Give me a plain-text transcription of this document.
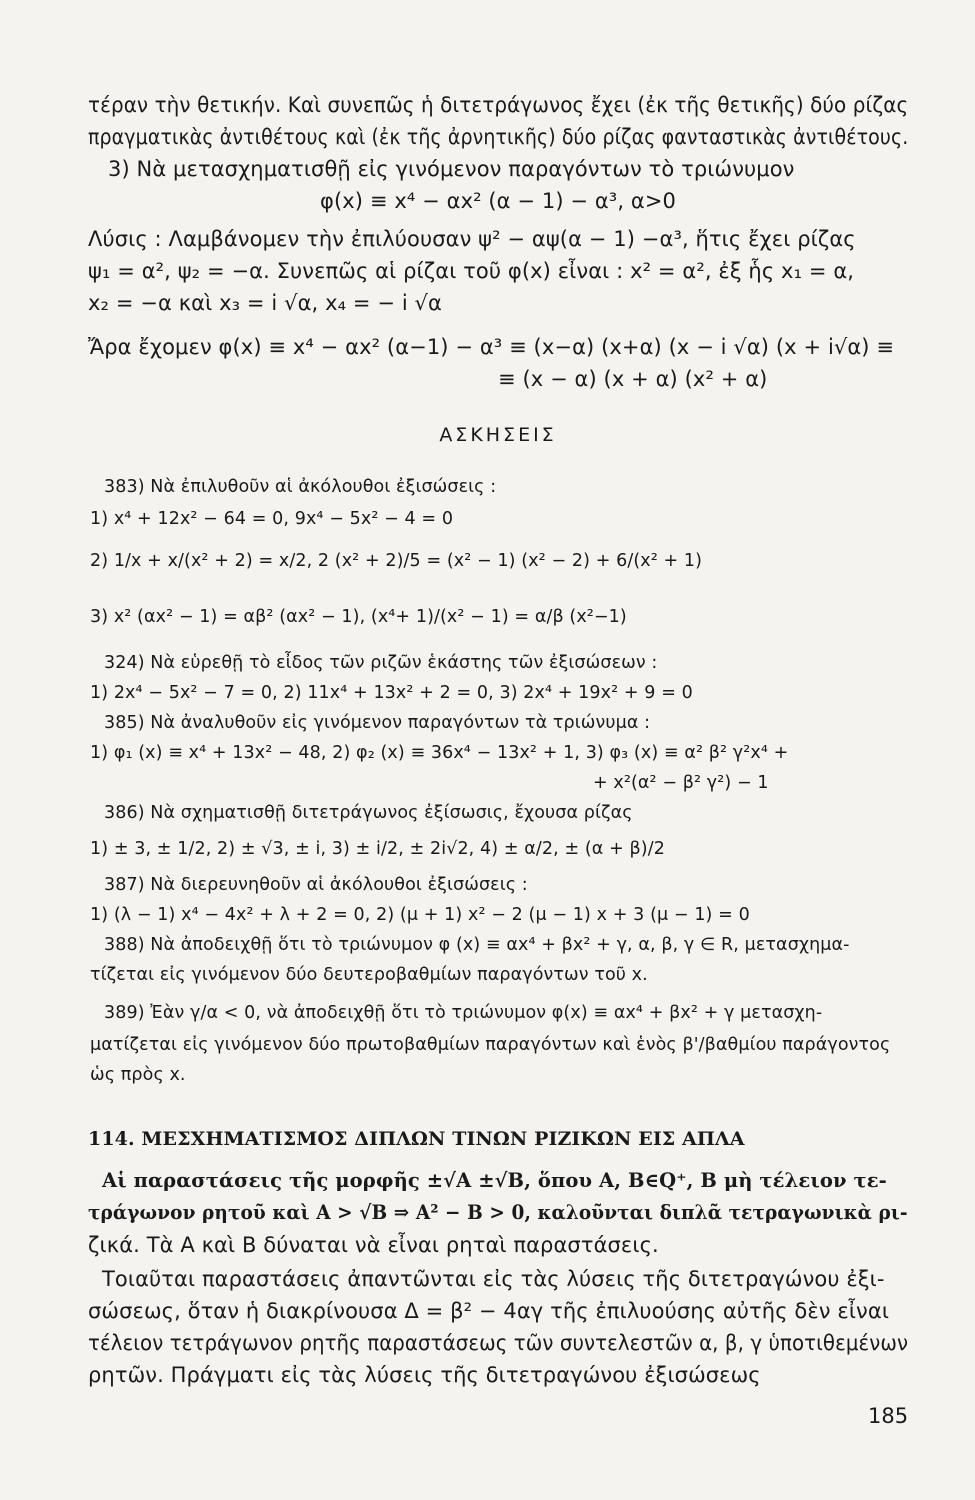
τέραν τὴν θετικήν. Καὶ συνεπῶς ἡ διτετράγωνος ἔχει (ἐκ τῆς θετικῆς) δύο ρίζας
πραγματικὰς ἀντιθέτους καὶ (ἐκ τῆς ἀρνητικῆς) δύο ρίζας φανταστικὰς ἀντιθέτους.
3) Νὰ μετασχηματισθῇ εἰς γινόμενον παραγόντων τὸ τριώνυμον
φ(x) ≡ x⁴ − αx² (α − 1) − α³, α>0
Λύσις : Λαμβάνομεν τὴν ἐπιλύουσαν ψ² − αψ(α − 1) −α³, ἥτις ἔχει ρίζας
ψ₁ = α², ψ₂ = −α. Συνεπῶς αἱ ρίζαι τοῦ φ(x) εἶναι : x² = α², ἐξ ἧς x₁ = α,
x₂ = −α καὶ x₃ = i √α, x₄ = − i √α
Ἄρα ἔχομεν φ(x) ≡ x⁴ − αx² (α−1) − α³ ≡ (x−α) (x+α) (x − i √α) (x + i√α) ≡
≡ (x − α) (x + α) (x² + α)
ΑΣΚΗΣΕΙΣ
383) Νὰ ἐπιλυθοῦν αἱ ἀκόλουθοι ἐξισώσεις :
1) x⁴ + 12x² − 64 = 0, 9x⁴ − 5x² − 4 = 0
2) 1/x + x/(x² + 2) = x/2, 2 (x² + 2)/5 = (x² − 1) (x² − 2) + 6/(x² + 1)
3) x² (αx² − 1) = αβ² (αx² − 1), (x⁴+ 1)/(x² − 1) = α/β (x²−1)
324) Νὰ εὑρεθῇ τὸ εἶδος τῶν ριζῶν ἑκάστης τῶν ἐξισώσεων :
1) 2x⁴ − 5x² − 7 = 0, 2) 11x⁴ + 13x² + 2 = 0, 3) 2x⁴ + 19x² + 9 = 0
385) Νὰ ἀναλυθοῦν εἰς γινόμενον παραγόντων τὰ τριώνυμα :
1) φ₁ (x) ≡ x⁴ + 13x² − 48, 2) φ₂ (x) ≡ 36x⁴ − 13x² + 1, 3) φ₃ (x) ≡ α² β² γ²x⁴ +
+ x²(α² − β² γ²) − 1
386) Νὰ σχηματισθῇ διτετράγωνος ἐξίσωσις, ἔχουσα ρίζας
1) ± 3, ± 1/2, 2) ± √3, ± i, 3) ± i/2, ± 2i√2, 4) ± α/2, ± (α + β)/2
387) Νὰ διερευνηθοῦν αἱ ἀκόλουθοι ἐξισώσεις :
1) (λ − 1) x⁴ − 4x² + λ + 2 = 0, 2) (μ + 1) x² − 2 (μ − 1) x + 3 (μ − 1) = 0
388) Νὰ ἀποδειχθῇ ὅτι τὸ τριώνυμον φ (x) ≡ αx⁴ + βx² + γ, α, β, γ ∈ R, μετασχημα-
τίζεται εἰς γινόμενον δύο δευτεροβαθμίων παραγόντων τοῦ x.
389) Ἐὰν γ/α < 0, νὰ ἀποδειχθῇ ὅτι τὸ τριώνυμον φ(x) ≡ αx⁴ + βx² + γ μετασχη-
ματίζεται εἰς γινόμενον δύο πρωτοβαθμίων παραγόντων καὶ ἑνὸς β'/βαθμίου παράγοντος
ὡς πρὸς x.
114. ΜΕΣΧΗΜΑΤΙΣΜΟΣ ΔΙΠΛΩΝ ΤΙΝΩΝ ΡΙΖΙΚΩΝ ΕΙΣ ΑΠΛΑ
Αἱ παραστάσεις τῆς μορφῆς ±√A ±√B, ὅπου A, B∈Q⁺, B μὴ τέλειον τε-
τράγωνον ρητοῦ καὶ A > √B ⇒ A² − B > 0, καλοῦνται διπλᾶ τετραγωνικὰ ρι-
ζικά. Τὰ Α καὶ Β δύναται νὰ εἶναι ρηταὶ παραστάσεις.
Τοιαῦται παραστάσεις ἀπαντῶνται εἰς τὰς λύσεις τῆς διτετραγώνου ἐξι-
σώσεως, ὅταν ἡ διακρίνουσα Δ = β² − 4αγ τῆς ἐπιλυούσης αὐτῆς δὲν εἶναι
τέλειον τετράγωνον ρητῆς παραστάσεως τῶν συντελεστῶν α, β, γ ὑποτιθεμένων
ρητῶν. Πράγματι εἰς τὰς λύσεις τῆς διτετραγώνου ἐξισώσεως
185
